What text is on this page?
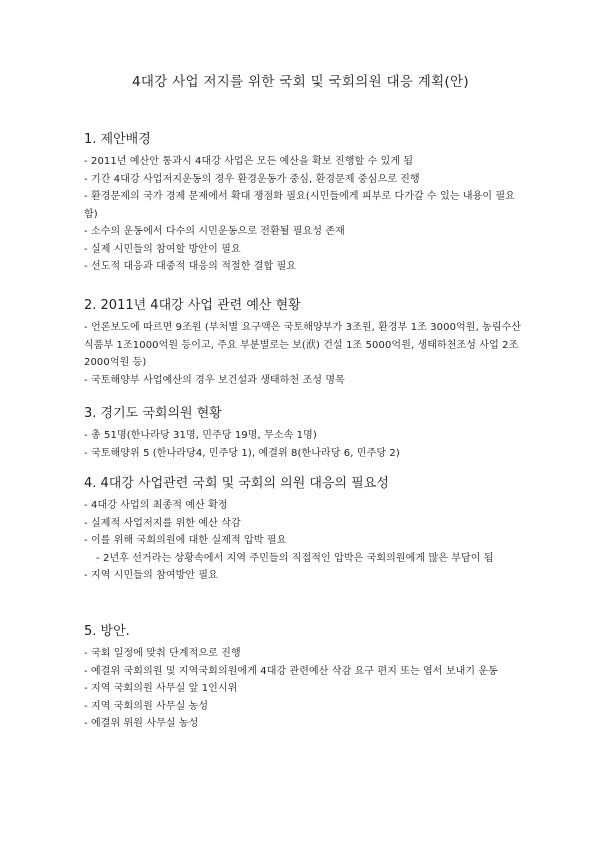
4대강 사업 저지를 위한 국회 및 국회의원 대응 계획(안)
1. 제안배경
- 2011년 예산안 통과시 4대강 사업은 모든 예산을 확보 진행할 수 있게 됨
- 기간 4대강 사업저지운동의 경우 환경운동가 중심, 환경문제 중심으로 진행
- 환경문제의 국가 경제 문제에서 확대 쟁점화 필요(시민들에게 피부로 다가갈 수 있는 내용이 필요함)
- 소수의 운동에서 다수의 시민운동으로 전환될 필요성 존재
- 실제 시민들의 참여할 방안이 필요
- 선도적 대응과 대중적 대응의 적절한 결합 필요
2. 2011년 4대강 사업 관련 예산 현황
- 언론보도에 따르면 9조원 (부처별 요구액은 국토해양부가 3조원, 환경부 1조 3000억원, 농림수산식품부 1조1000억원 등이고, 주요 부분별로는 보(洑) 건설 1조 5000억원, 생태하천조성 사업 2조2000억원 등)
- 국토해양부 사업예산의 경우 보건설과 생태하천 조성 명목
3. 경기도 국회의원 현황
- 총 51명(한나라당 31명, 민주당 19명, 무소속 1명)
- 국토해양위 5 (한나라당4, 민주당 1), 예결위 8(한나라당 6, 민주당 2)
4. 4대강 사업관련 국회 및 국회의 의원 대응의 필요성
- 4대강 사업의 최종적 예산 확정
- 실제적 사업저지를 위한 예산 삭감
- 이를 위해 국회의원에 대한 실제적 압박 필요
- 2년후 선거라는 상황속에서 지역 주민들의 직접적인 압박은 국회의원에게 많은 부담이 됨
- 지역 시민들의 참여방안 필요
5. 방안.
- 국회 일정에 맞춰 단계적으로 진행
- 예결위 국회의원 및 지역국회의원에게 4대강 관련예산 삭감 요구 편지 또는 엽서 보내기 운동
- 지역 국회의원 사무실 앞 1인시위
- 지역 국회의원 사무실 농성
- 예결위 위원 사무실 농성
